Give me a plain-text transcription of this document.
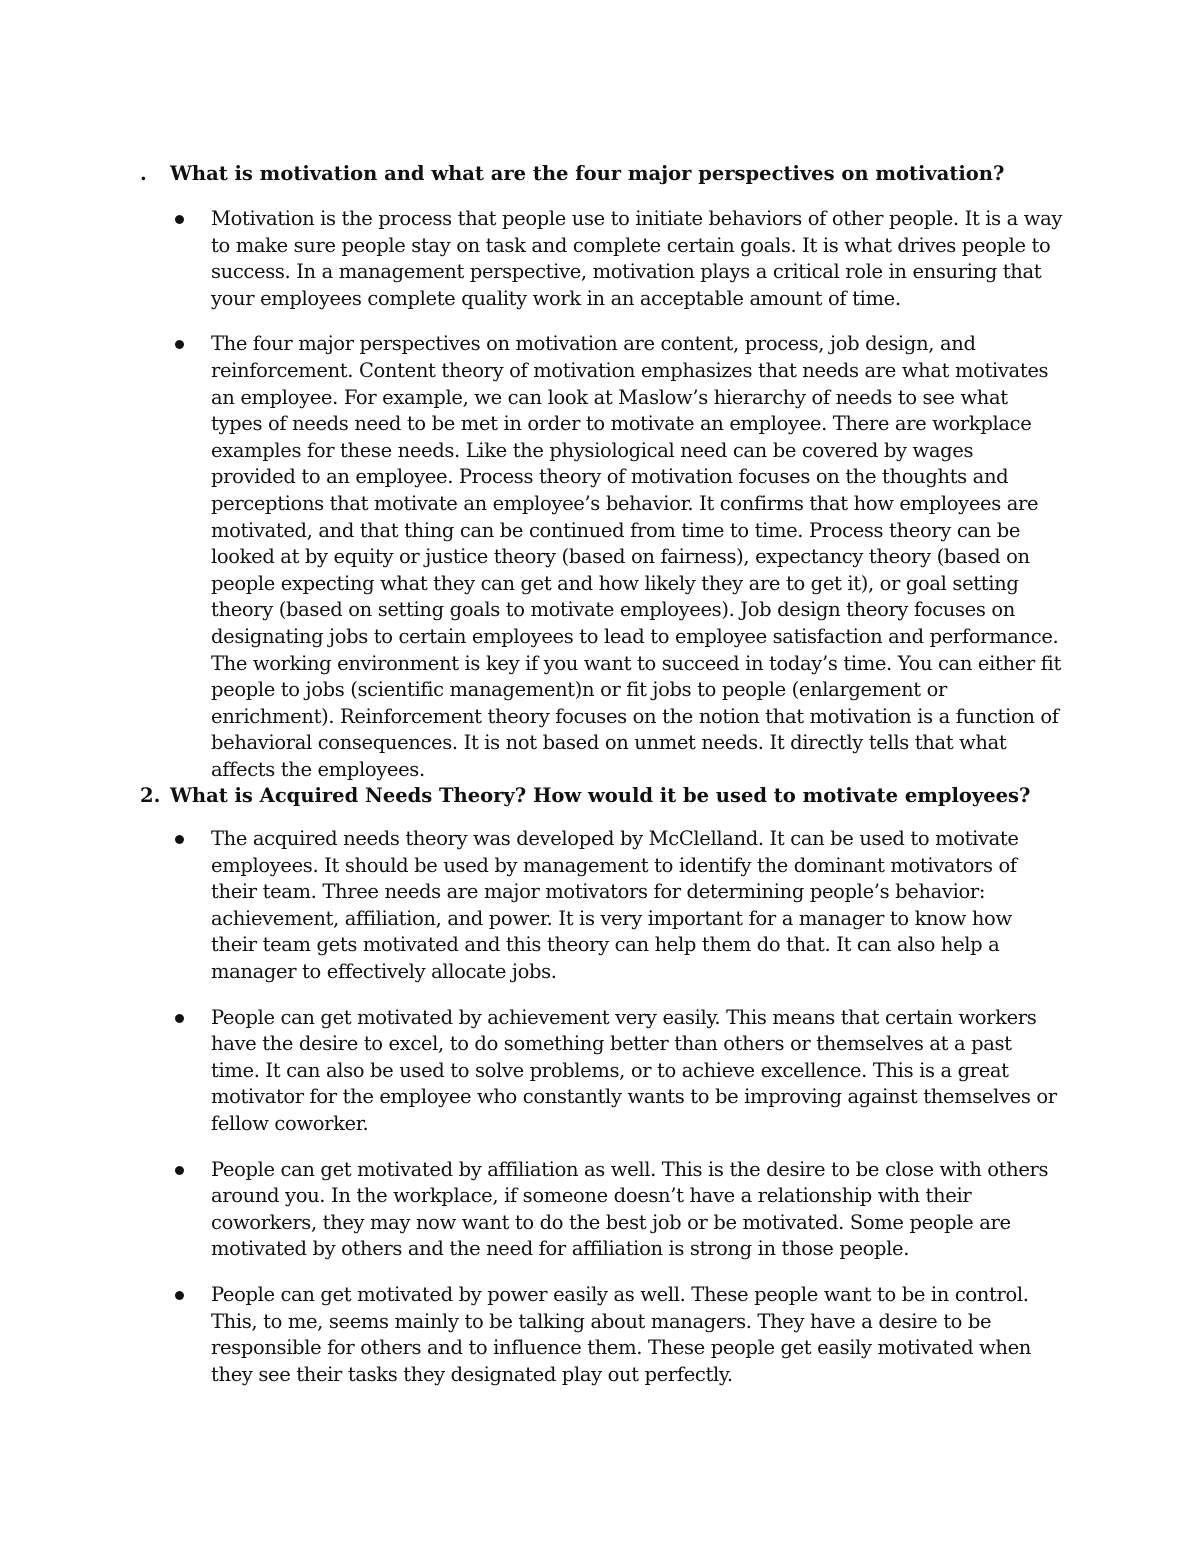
. What is motivation and what are the four major perspectives on motivation?

Motivation is the process that people use to initiate behaviors of other people. It is a way to make sure people stay on task and complete certain goals. It is what drives people to success. In a management perspective, motivation plays a critical role in ensuring that your employees complete quality work in an acceptable amount of time.
The four major perspectives on motivation are content, process, job design, and reinforcement. Content theory of motivation emphasizes that needs are what motivates an employee. For example, we can look at Maslow’s hierarchy of needs to see what types of needs need to be met in order to motivate an employee. There are workplace examples for these needs. Like the physiological need can be covered by wages provided to an employee. Process theory of motivation focuses on the thoughts and perceptions that motivate an employee’s behavior. It confirms that how employees are motivated, and that thing can be continued from time to time. Process theory can be looked at by equity or justice theory (based on fairness), expectancy theory (based on people expecting what they can get and how likely they are to get it), or goal setting theory (based on setting goals to motivate employees). Job design theory focuses on designating jobs to certain employees to lead to employee satisfaction and performance. The working environment is key if you want to succeed in today’s time. You can either fit people to jobs (scientific management)n or fit jobs to people (enlargement or enrichment). Reinforcement theory focuses on the notion that motivation is a function of behavioral consequences. It is not based on unmet needs. It directly tells that what affects the employees.

2. What is Acquired Needs Theory? How would it be used to motivate employees?

The acquired needs theory was developed by McClelland. It can be used to motivate employees. It should be used by management to identify the dominant motivators of their team. Three needs are major motivators for determining people’s behavior: achievement, affiliation, and power. It is very important for a manager to know how their team gets motivated and this theory can help them do that. It can also help a manager to effectively allocate jobs.
People can get motivated by achievement very easily. This means that certain workers have the desire to excel, to do something better than others or themselves at a past time. It can also be used to solve problems, or to achieve excellence. This is a great motivator for the employee who constantly wants to be improving against themselves or fellow coworker.
People can get motivated by affiliation as well. This is the desire to be close with others around you. In the workplace, if someone doesn’t have a relationship with their coworkers, they may now want to do the best job or be motivated. Some people are motivated by others and the need for affiliation is strong in those people.
People can get motivated by power easily as well. These people want to be in control. This, to me, seems mainly to be talking about managers. They have a desire to be responsible for others and to influence them. These people get easily motivated when they see their tasks they designated play out perfectly.
